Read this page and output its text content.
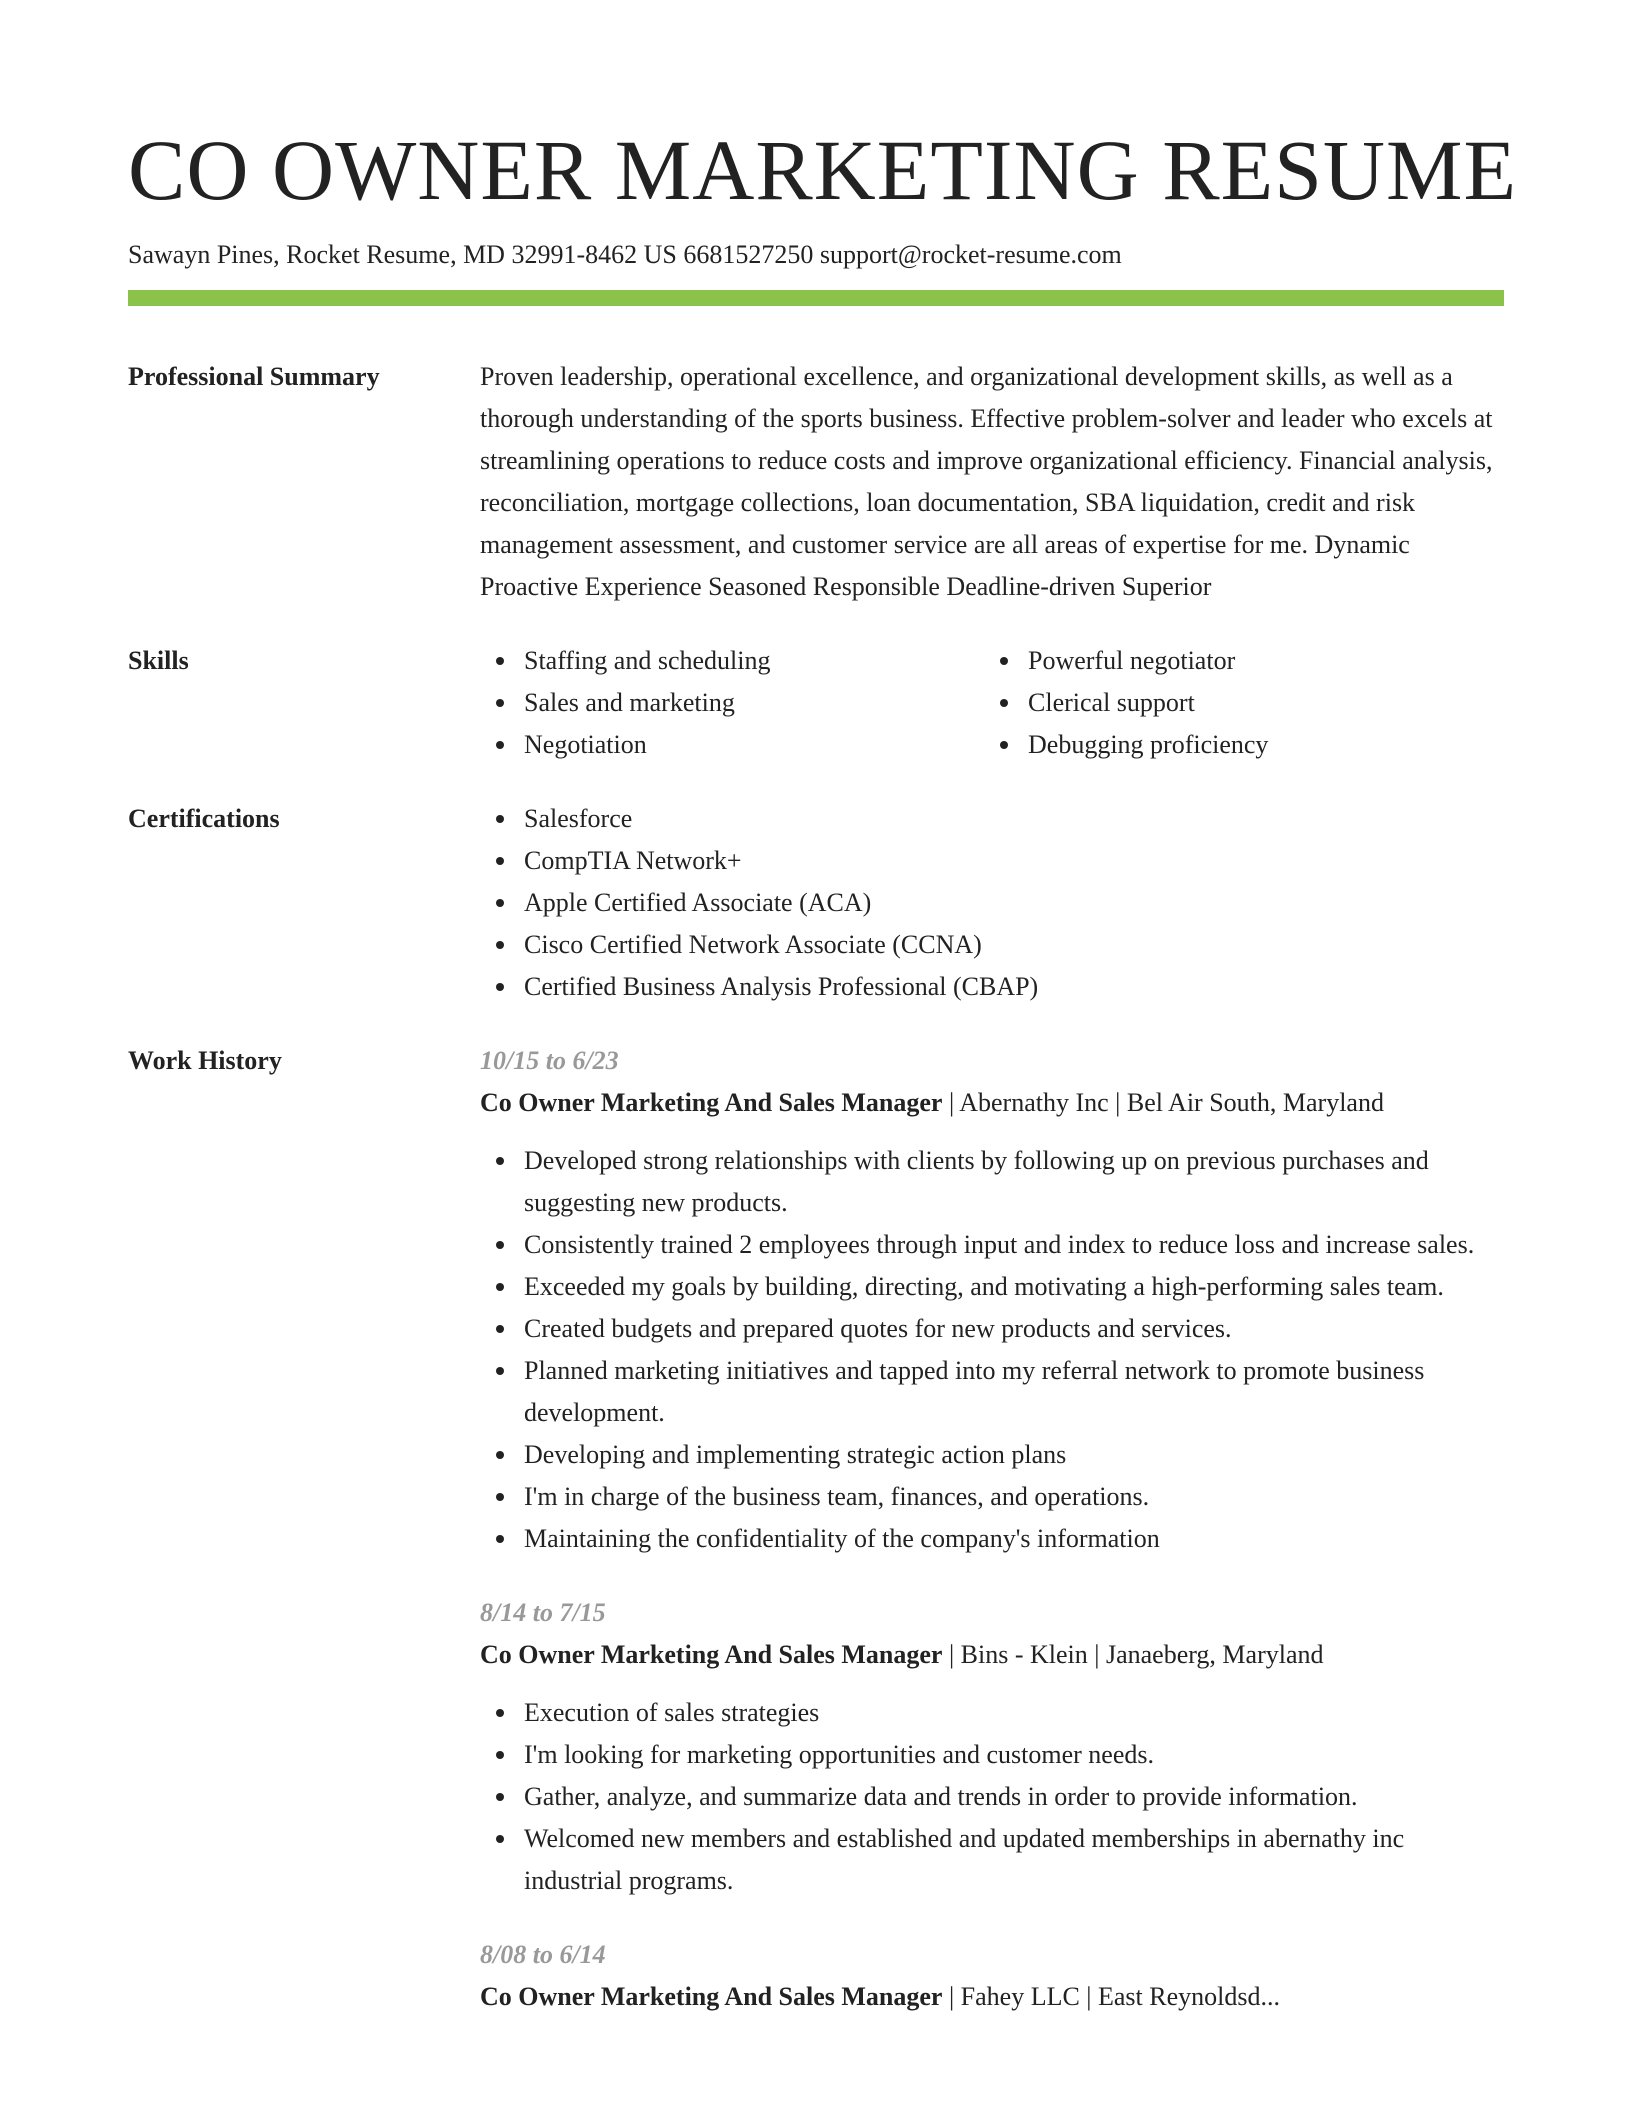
CO OWNER MARKETING RESUME
Sawayn Pines, Rocket Resume, MD 32991-8462 US 6681527250 support@rocket-resume.com
Professional Summary	Proven leadership, operational excellence, and organizational development skills, as well as a thorough understanding of the sports business. Effective problem-solver and leader who excels at streamlining operations to reduce costs and improve organizational efficiency. Financial analysis, reconciliation, mortgage collections, loan documentation, SBA liquidation, credit and risk management assessment, and customer service are all areas of expertise for me. Dynamic Proactive Experience Seasoned Responsible Deadline-driven Superior
Skills	Staffing and scheduling
Sales and marketing
Negotiation
Powerful negotiator
Clerical support
Debugging proficiency
Certifications	Salesforce
CompTIA Network+
Apple Certified Associate (ACA)
Cisco Certified Network Associate (CCNA)
Certified Business Analysis Professional (CBAP)
Work History	10/15 to 6/23
Co Owner Marketing And Sales Manager | Abernathy Inc | Bel Air South, Maryland
Developed strong relationships with clients by following up on previous purchases and suggesting new products.
Consistently trained 2 employees through input and index to reduce loss and increase sales.
Exceeded my goals by building, directing, and motivating a high-performing sales team.
Created budgets and prepared quotes for new products and services.
Planned marketing initiatives and tapped into my referral network to promote business development.
Developing and implementing strategic action plans
I'm in charge of the business team, finances, and operations.
Maintaining the confidentiality of the company's information
8/14 to 7/15
Co Owner Marketing And Sales Manager | Bins - Klein | Janaeberg, Maryland
Execution of sales strategies
I'm looking for marketing opportunities and customer needs.
Gather, analyze, and summarize data and trends in order to provide information.
Welcomed new members and established and updated memberships in abernathy inc industrial programs.
8/08 to 6/14
Co Owner Marketing And Sales Manager | Fahey LLC | East Reynoldsd...
